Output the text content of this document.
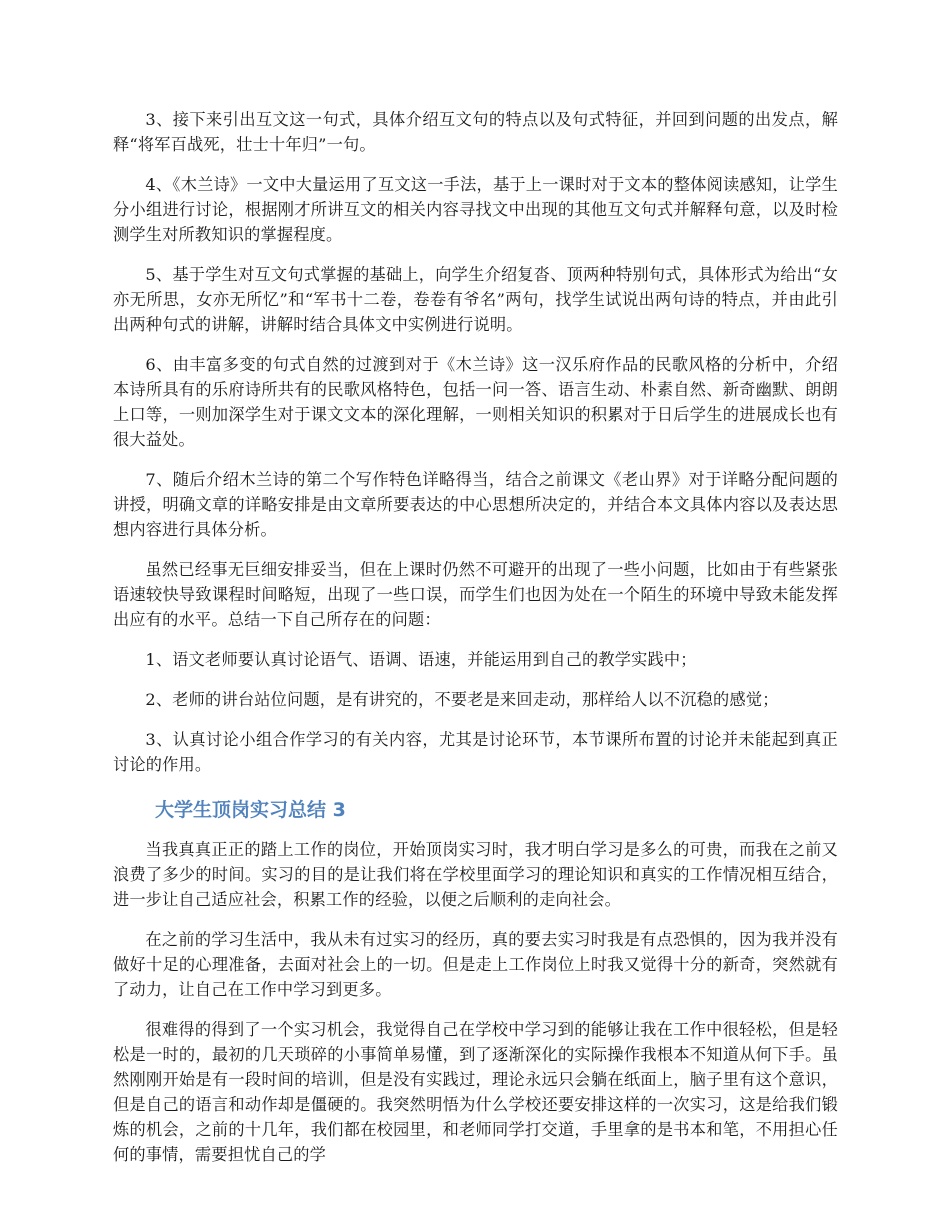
3、接下来引出互文这一句式，具体介绍互文句的特点以及句式特征，并回到问题的出发点，解释“将军百战死，壮士十年归”一句。

4、《木兰诗》一文中大量运用了互文这一手法，基于上一课时对于文本的整体阅读感知，让学生分小组进行讨论，根据刚才所讲互文的相关内容寻找文中出现的其他互文句式并解释句意，以及时检测学生对所教知识的掌握程度。

5、基于学生对互文句式掌握的基础上，向学生介绍复沓、顶两种特别句式，具体形式为给出“女亦无所思，女亦无所忆”和“军书十二卷，卷卷有爷名”两句，找学生试说出两句诗的特点，并由此引出两种句式的讲解，讲解时结合具体文中实例进行说明。

6、由丰富多变的句式自然的过渡到对于《木兰诗》这一汉乐府作品的民歌风格的分析中，介绍本诗所具有的乐府诗所共有的民歌风格特色，包括一问一答、语言生动、朴素自然、新奇幽默、朗朗上口等，一则加深学生对于课文文本的深化理解，一则相关知识的积累对于日后学生的进展成长也有很大益处。

7、随后介绍木兰诗的第二个写作特色详略得当，结合之前课文《老山界》对于详略分配问题的讲授，明确文章的详略安排是由文章所要表达的中心思想所决定的，并结合本文具体内容以及表达思想内容进行具体分析。

虽然已经事无巨细安排妥当，但在上课时仍然不可避开的出现了一些小问题，比如由于有些紧张语速较快导致课程时间略短，出现了一些口误，而学生们也因为处在一个陌生的环境中导致未能发挥出应有的水平。总结一下自己所存在的问题：

1、语文老师要认真讨论语气、语调、语速，并能运用到自己的教学实践中；

2、老师的讲台站位问题，是有讲究的，不要老是来回走动，那样给人以不沉稳的感觉；

3、认真讨论小组合作学习的有关内容，尤其是讨论环节，本节课所布置的讨论并未能起到真正讨论的作用。

大学生顶岗实习总结 3

当我真真正正的踏上工作的岗位，开始顶岗实习时，我才明白学习是多么的可贵，而我在之前又浪费了多少的时间。实习的目的是让我们将在学校里面学习的理论知识和真实的工作情况相互结合，进一步让自己适应社会，积累工作的经验，以便之后顺利的走向社会。

在之前的学习生活中，我从未有过实习的经历，真的要去实习时我是有点恐惧的，因为我并没有做好十足的心理准备，去面对社会上的一切。但是走上工作岗位上时我又觉得十分的新奇，突然就有了动力，让自己在工作中学习到更多。

很难得的得到了一个实习机会，我觉得自己在学校中学习到的能够让我在工作中很轻松，但是轻松是一时的，最初的几天琐碎的小事简单易懂，到了逐渐深化的实际操作我根本不知道从何下手。虽然刚刚开始是有一段时间的培训，但是没有实践过，理论永远只会躺在纸面上，脑子里有这个意识，但是自己的语言和动作却是僵硬的。我突然明悟为什么学校还要安排这样的一次实习，这是给我们锻炼的机会，之前的十几年，我们都在校园里，和老师同学打交道，手里拿的是书本和笔，不用担心任何的事情，需要担忧自己的学
